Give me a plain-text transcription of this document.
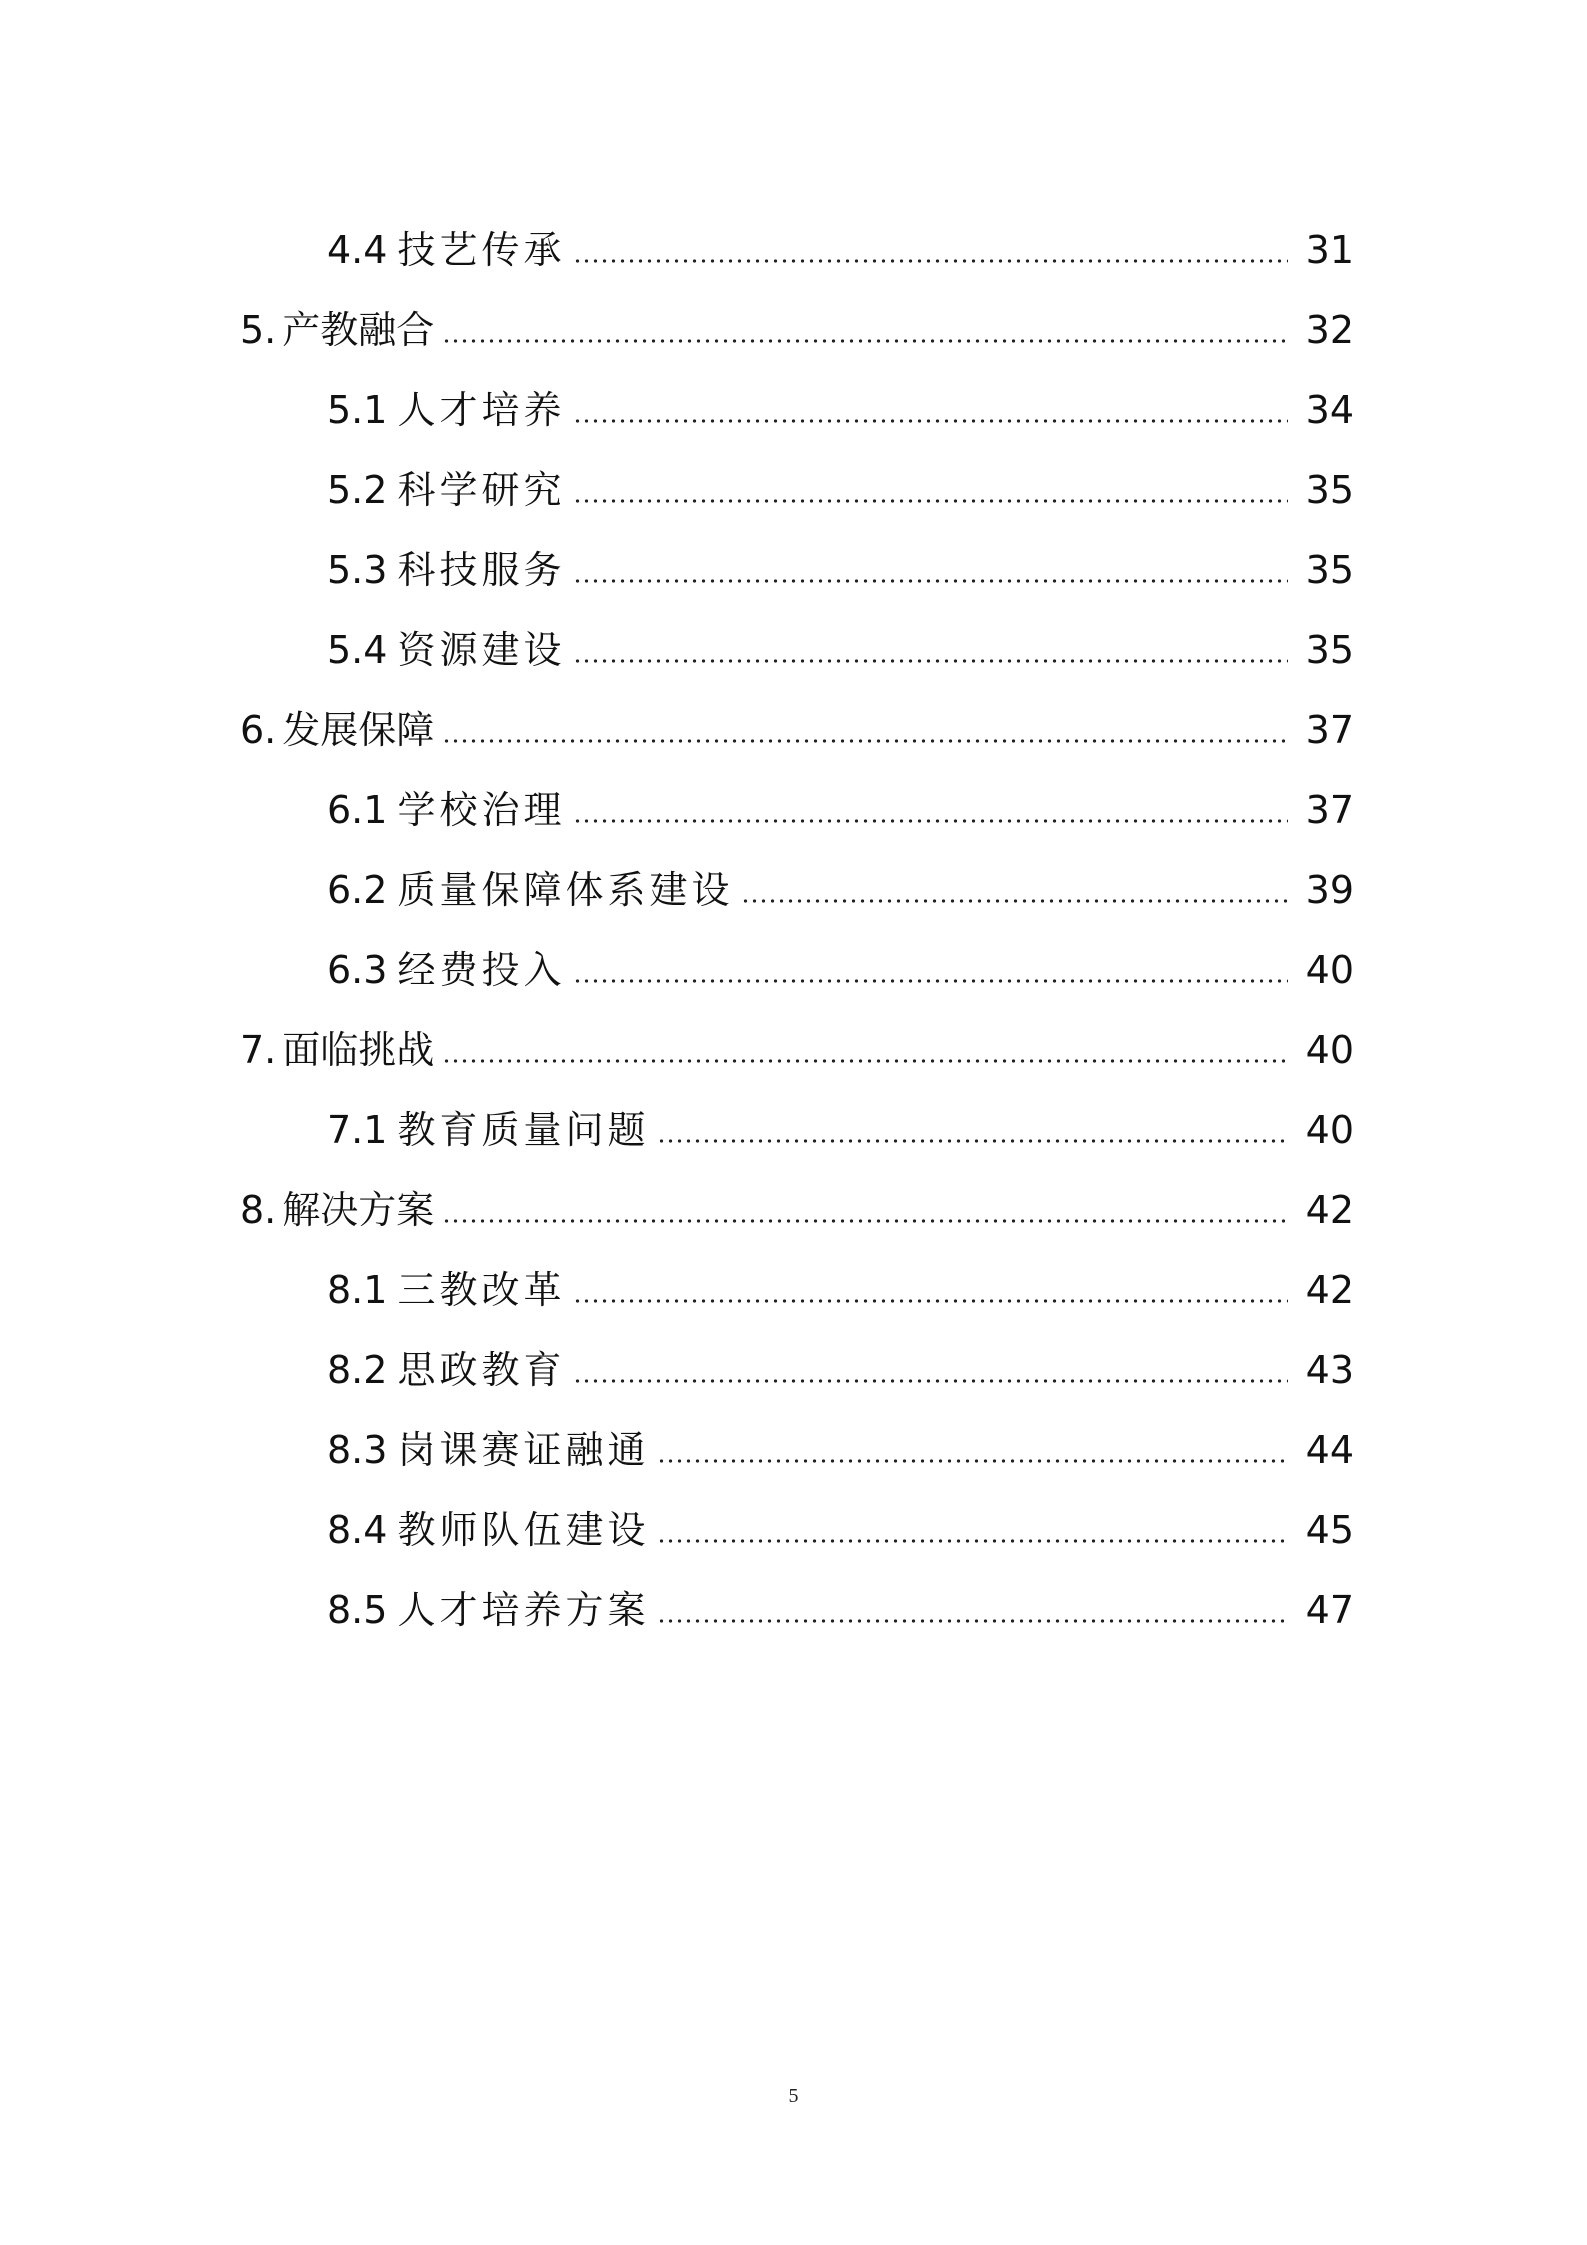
4.4 技艺传承	31
5. 产教融合	32
5.1 人才培养	34
5.2 科学研究	35
5.3 科技服务	35
5.4 资源建设	35
6. 发展保障	37
6.1 学校治理	37
6.2 质量保障体系建设	39
6.3 经费投入	40
7. 面临挑战	40
7.1 教育质量问题	40
8. 解决方案	42
8.1 三教改革	42
8.2 思政教育	43
8.3 岗课赛证融通	44
8.4 教师队伍建设	45
8.5 人才培养方案	47
5
